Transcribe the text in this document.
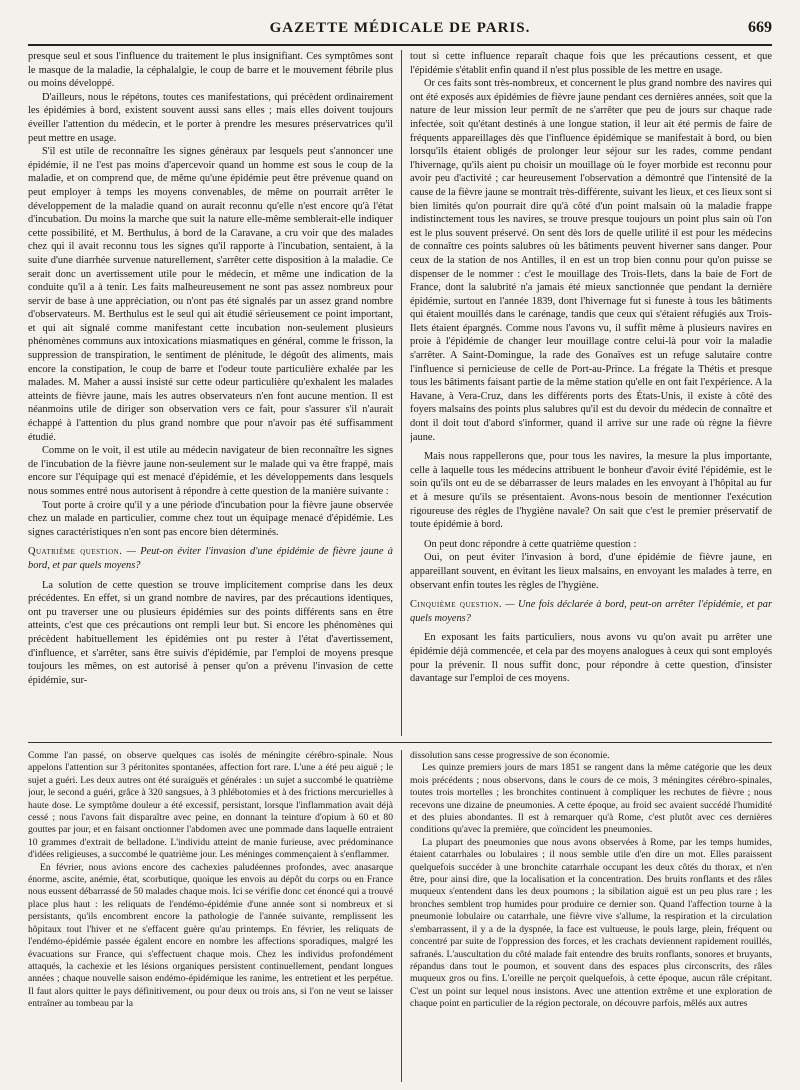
GAZETTE MÉDICALE DE PARIS.	669

presque seul et sous l'influence du traitement le plus insignifiant. Ces symptômes sont le masque de la maladie, la céphalalgie, le coup de barre et le mouvement fébrile plus ou moins développé.

D'ailleurs, nous le répétons, toutes ces manifestations, qui précèdent ordinairement les épidémies à bord, existent souvent aussi sans elles ; mais elles doivent toujours éveiller l'attention du médecin, et le porter à prendre les mesures préservatrices qu'il peut mettre en usage.

S'il est utile de reconnaître les signes généraux par lesquels peut s'annoncer une épidémie, il ne l'est pas moins d'apercevoir quand un homme est sous le coup de la maladie, et on comprend que, de même qu'une épidémie peut être prévenue quand on peut employer à temps les moyens convenables, de même on pourrait arrêter le développement de la maladie quand on aurait reconnu qu'elle n'est encore qu'à l'état d'incubation. Du moins la marche que suit la nature elle-même semblerait-elle indiquer cette possibilité, et M. Berthulus, à bord de la Caravane, a cru voir que des malades chez qui il avait reconnu tous les signes qu'il rapporte à l'incubation, sentaient, à la suite d'une diarrhée survenue naturellement, s'arrêter cette disposition à la maladie. Ce serait donc un avertissement utile pour le médecin, et même une indication de la conduite qu'il a à tenir. Les faits malheureusement ne sont pas assez nombreux pour servir de base à une appréciation, ou n'ont pas été signalés par un assez grand nombre d'observateurs. M. Berthulus est le seul qui ait étudié sérieusement ce point important, et qui ait signalé comme manifestant cette incubation non-seulement plusieurs phénomènes communs aux intoxications miasmatiques en général, comme le frisson, la suppression de transpiration, le sentiment de plénitude, le dégoût des aliments, mais encore la constipation, le coup de barre et l'odeur toute particulière exhalée par les malades. M. Maher a aussi insisté sur cette odeur particulière qu'exhalent les malades atteints de fièvre jaune, mais les autres observateurs n'en font aucune mention. Il est néanmoins utile de diriger son observation vers ce fait, pour s'assurer s'il n'aurait échappé à l'attention du plus grand nombre que pour n'avoir pas été suffisamment étudié.

Comme on le voit, il est utile au médecin navigateur de bien reconnaître les signes de l'incubation de la fièvre jaune non-seulement sur le malade qui va être frappé, mais encore sur l'équipage qui est menacé d'épidémie, et les développements dans lesquels nous sommes entré nous autorisent à répondre à cette question de la manière suivante :

Tout porte à croire qu'il y a une période d'incubation pour la fièvre jaune observée chez un malade en particulier, comme chez tout un équipage menacé d'épidémie. Les signes caractéristiques n'en sont pas encore bien déterminés.

Quatrième question. — Peut-on éviter l'invasion d'une épidémie de fièvre jaune à bord, et par quels moyens?

La solution de cette question se trouve implicitement comprise dans les deux précédentes. En effet, si un grand nombre de navires, par des précautions identiques, ont pu traverser une ou plusieurs épidémies sur des points différents sans en être atteints, c'est que ces précautions ont rempli leur but. Si encore les phénomènes qui précèdent habituellement les épidémies ont pu rester à l'état d'avertissement, d'influence, et s'arrêter, sans être suivis d'épidémie, par l'emploi de moyens presque toujours les mêmes, on est autorisé à penser qu'on a prévenu l'invasion de cette épidémie, sur-

tout si cette influence reparaît chaque fois que les précautions cessent, et que l'épidémie s'établit enfin quand il n'est plus possible de les mettre en usage.

Or ces faits sont très-nombreux, et concernent le plus grand nombre des navires qui ont été exposés aux épidémies de fièvre jaune pendant ces dernières années, soit que la nature de leur mission leur permît de ne s'arrêter que peu de jours sur chaque rade infectée, soit qu'étant destinés à une longue station, il leur ait été permis de faire de fréquents appareillages dès que l'influence épidémique se manifestait à bord, ou bien lorsqu'ils étaient obligés de prolonger leur séjour sur les rades, comme pendant l'hivernage, qu'ils aient pu choisir un mouillage où le foyer morbide est reconnu pour avoir peu d'activité ; car heureusement l'observation a démontré que l'intensité de la cause de la fièvre jaune se montrait très-différente, suivant les lieux, et ces lieux sont si bien limités qu'on pourrait dire qu'à côté d'un point malsain où la maladie frappe indistinctement tous les navires, se trouve presque toujours un point plus sain où l'on est le plus souvent préservé. On sent dès lors de quelle utilité il est pour les médecins de connaître ces points salubres où les bâtiments peuvent hiverner sans danger. Pour ceux de la station de nos Antilles, il en est un trop bien connu pour qu'on puisse se dispenser de le nommer : c'est le mouillage des Trois-Ilets, dans la baie de Fort de France, dont la salubrité n'a jamais été mieux sanctionnée que pendant la dernière épidémie, surtout en l'année 1839, dont l'hivernage fut si funeste à tous les bâtiments qui étaient mouillés dans le carénage, tandis que ceux qui s'étaient réfugiés aux Trois-Ilets étaient épargnés. Comme nous l'avons vu, il suffit même à plusieurs navires en proie à l'épidémie de changer leur mouillage contre celui-là pour voir la maladie s'arrêter. A Saint-Domingue, la rade des Gonaïves est un refuge salutaire contre l'influence si pernicieuse de celle de Port-au-Prince. La frégate la Thétis et presque tous les bâtiments faisant partie de la même station qu'elle en ont fait l'expérience. A la Havane, à Vera-Cruz, dans les différents ports des États-Unis, il existe à côté des foyers malsains des points plus salubres qu'il est du devoir du médecin de connaître et dont il doit tout d'abord s'informer, quand il arrive sur une rade où règne la fièvre jaune.

Mais nous rappellerons que, pour tous les navires, la mesure la plus importante, celle à laquelle tous les médecins attribuent le bonheur d'avoir évité l'épidémie, est le soin qu'ils ont eu de se débarrasser de leurs malades en les envoyant à l'hôpital au fur et à mesure qu'ils se présentaient. Avons-nous besoin de mentionner l'exécution rigoureuse des règles de l'hygiène navale? On sait que c'est le premier préservatif de toute épidémie à bord.

On peut donc répondre à cette quatrième question :

Oui, on peut éviter l'invasion à bord, d'une épidémie de fièvre jaune, en appareillant souvent, en évitant les lieux malsains, en envoyant les malades à terre, en observant enfin toutes les règles de l'hygiène.

Cinquième question. — Une fois déclarée à bord, peut-on arrêter l'épidémie, et par quels moyens?

En exposant les faits particuliers, nous avons vu qu'on avait pu arrêter une épidémie déjà commencée, et cela par des moyens analogues à ceux qui sont employés pour la prévenir. Il nous suffit donc, pour répondre à cette question, d'insister davantage sur l'emploi de ces moyens.

Comme l'an passé, on observe quelques cas isolés de méningite cérébro-spinale. Nous appelons l'attention sur 3 péritonites spontanées, affection fort rare. L'une a été peu aiguë ; le sujet a guéri. Les deux autres ont été suraiguës et générales : un sujet a succombé le quatrième jour, le second a guéri, grâce à 320 sangsues, à 3 phlébotomies et à des frictions mercurielles à haute dose. Le symptôme douleur a été excessif, persistant, lorsque l'inflammation avait déjà cessé ; nous l'avons fait disparaître avec peine, en donnant la teinture d'opium à 60 et 80 gouttes par jour, et en faisant onctionner l'abdomen avec une pommade dans laquelle entraient 10 grammes d'extrait de belladone. L'individu atteint de manie furieuse, avec prédominance d'idées religieuses, a succombé le quatrième jour. Les méninges commençaient à s'enflammer.

En février, nous avions encore des cachexies paludéennes profondes, avec anasarque énorme, ascite, anémie, état, scorbutique, quoique les envois au dépôt du corps ou en France nous eussent débarrassé de 50 malades chaque mois. Ici se vérifie donc cet énoncé qui a trouvé place plus haut : les reliquats de l'endémo-épidémie d'une année sont si nombreux et si persistants, qu'ils encombrent encore la pathologie de l'année suivante, remplissent les hôpitaux tout l'hiver et ne s'effacent guère qu'au printemps. En février, les reliquats de l'endémo-épidémie passée égalent encore en nombre les affections sporadiques, malgré les évacuations sur France, qui s'effectuent chaque mois. Chez les individus profondément attaqués, la cachexie et les lésions organiques persistent continuellement, pendant longues années ; chaque nouvelle saison endémo-épidémique les ranime, les entretient et les perpétue. Il faut alors quitter le pays définitivement, ou pour deux ou trois ans, si l'on ne veut se laisser entraîner au tombeau par la

dissolution sans cesse progressive de son économie.

Les quinze premiers jours de mars 1851 se rangent dans la même catégorie que les deux mois précédents ; nous observons, dans le cours de ce mois, 3 méningites cérébro-spinales, toutes trois mortelles ; les bronchites continuent à compliquer les rechutes de fièvre ; nous recevons une dizaine de pneumonies. A cette époque, au froid sec avaient succédé l'humidité et des pluies abondantes. Il est à remarquer qu'à Rome, c'est plutôt avec ces dernières conditions qu'avec la première, que coïncident les pneumonies.

La plupart des pneumonies que nous avons observées à Rome, par les temps humides, étaient catarrhales ou lobulaires ; il nous semble utile d'en dire un mot. Elles paraissent quelquefois succéder à une bronchite catarrhale occupant les deux côtés du thorax, et n'en être, pour ainsi dire, que la localisation et la concentration. Des bruits ronflants et des râles muqueux s'entendent dans les deux poumons ; la sibilation aiguë est un peu plus rare ; les bronches semblent trop humides pour produire ce dernier son. Quand l'affection tourne à la pneumonie lobulaire ou catarrhale, une fièvre vive s'allume, la respiration et la circulation s'embarrassent, il y a de la dyspnée, la face est vultueuse, le pouls large, plein, fréquent ou concentré par suite de l'oppression des forces, et les crachats deviennent rapidement rouillés, safranés. L'auscultation du côté malade fait entendre des bruits ronflants, sonores et bruyants, répandus dans tout le poumon, et souvent dans des espaces plus circonscrits, des râles muqueux gros ou fins. L'oreille ne perçoit quelquefois, à cette époque, aucun râle crépitant. C'est un point sur lequel nous insistons. Avec une attention extrême et une exploration de chaque point en particulier de la région pectorale, on découvre parfois, mêlés aux autres
